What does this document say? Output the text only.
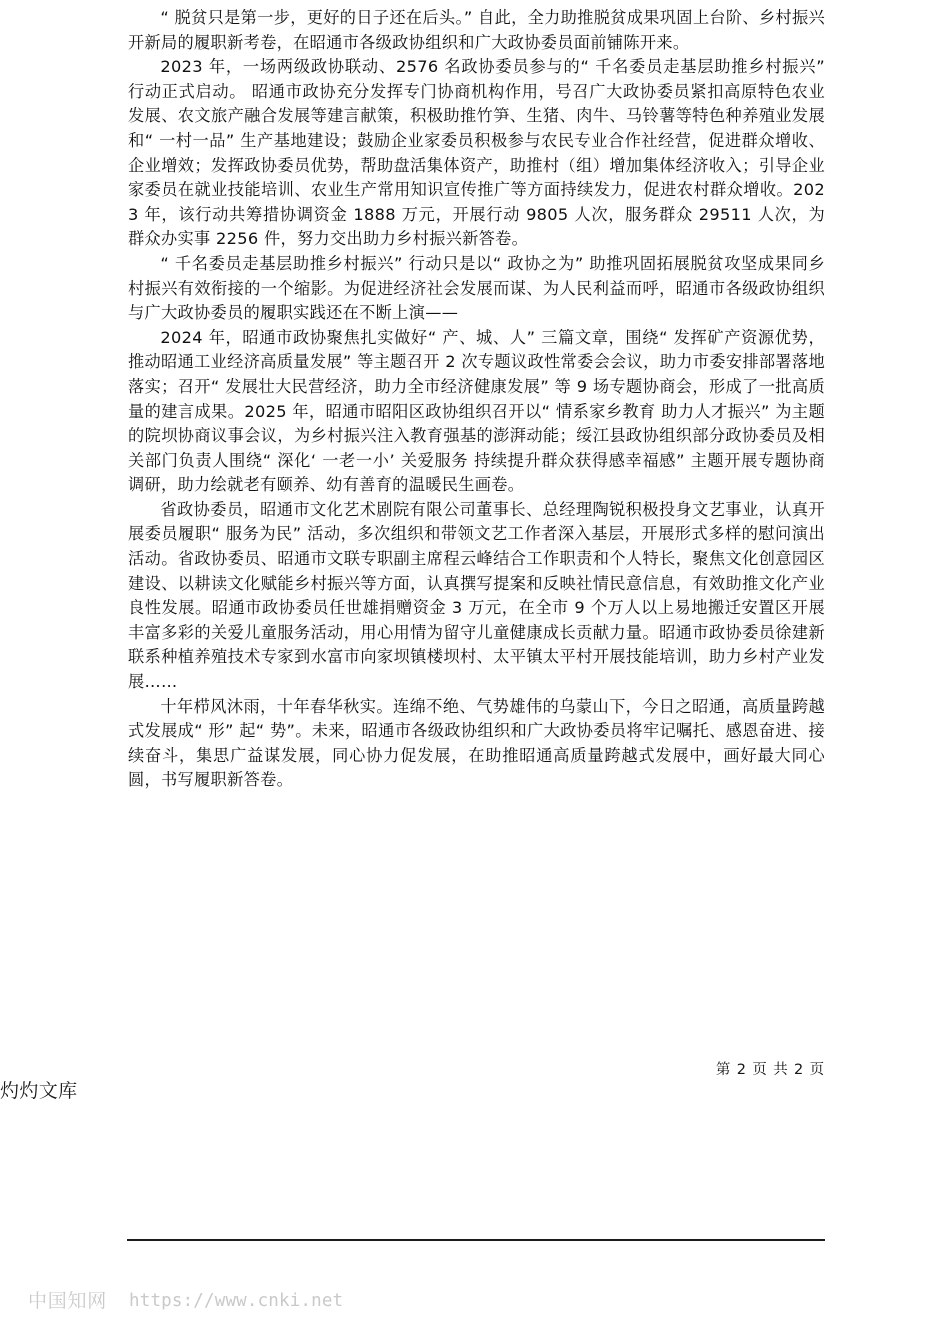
“ 脱贫只是第一步，更好的日子还在后头。” 自此，全力助推脱贫成果巩固上台阶、乡村振兴开新局的履职新考卷，在昭通市各级政协组织和广大政协委员面前铺陈开来。

2023 年，一场两级政协联动、2576 名政协委员参与的“ 千名委员走基层助推乡村振兴” 行动正式启动。 昭通市政协充分发挥专门协商机构作用，号召广大政协委员紧扣高原特色农业发展、农文旅产融合发展等建言献策，积极助推竹笋、生猪、肉牛、马铃薯等特色种养殖业发展和“ 一村一品” 生产基地建设；鼓励企业家委员积极参与农民专业合作社经营，促进群众增收、企业增效；发挥政协委员优势，帮助盘活集体资产，助推村（组）增加集体经济收入；引导企业家委员在就业技能培训、农业生产常用知识宣传推广等方面持续发力，促进农村群众增收。2023 年，该行动共筹措协调资金 1888 万元，开展行动 9805 人次，服务群众 29511 人次，为群众办实事 2256 件，努力交出助力乡村振兴新答卷。

“ 千名委员走基层助推乡村振兴” 行动只是以“ 政协之为” 助推巩固拓展脱贫攻坚成果同乡村振兴有效衔接的一个缩影。为促进经济社会发展而谋、为人民利益而呼，昭通市各级政协组织与广大政协委员的履职实践还在不断上演——

2024 年，昭通市政协聚焦扎实做好“ 产、城、人” 三篇文章，围绕“ 发挥矿产资源优势，推动昭通工业经济高质量发展” 等主题召开 2 次专题议政性常委会会议，助力市委安排部署落地落实；召开“ 发展壮大民营经济，助力全市经济健康发展” 等 9 场专题协商会，形成了一批高质量的建言成果。2025 年，昭通市昭阳区政协组织召开以“ 情系家乡教育 助力人才振兴” 为主题的院坝协商议事会议，为乡村振兴注入教育强基的澎湃动能；绥江县政协组织部分政协委员及相关部门负责人围绕“ 深化‘ 一老一小’ 关爱服务 持续提升群众获得感幸福感” 主题开展专题协商调研，助力绘就老有颐养、幼有善育的温暖民生画卷。

省政协委员，昭通市文化艺术剧院有限公司董事长、总经理陶锐积极投身文艺事业，认真开展委员履职“ 服务为民” 活动，多次组织和带领文艺工作者深入基层，开展形式多样的慰问演出活动。省政协委员、昭通市文联专职副主席程云峰结合工作职责和个人特长，聚焦文化创意园区建设、以耕读文化赋能乡村振兴等方面，认真撰写提案和反映社情民意信息，有效助推文化产业良性发展。昭通市政协委员任世雄捐赠资金 3 万元，在全市 9 个万人以上易地搬迁安置区开展丰富多彩的关爱儿童服务活动，用心用情为留守儿童健康成长贡献力量。昭通市政协委员徐建新联系种植养殖技术专家到水富市向家坝镇楼坝村、太平镇太平村开展技能培训，助力乡村产业发展……

十年栉风沐雨，十年春华秋实。连绵不绝、气势雄伟的乌蒙山下，今日之昭通，高质量跨越式发展成“ 形” 起“ 势”。未来，昭通市各级政协组织和广大政协委员将牢记嘱托、感恩奋进、接续奋斗，集思广益谋发展，同心协力促发展，在助推昭通高质量跨越式发展中，画好最大同心圆，书写履职新答卷。

第 2 页 共 2 页
灼灼文库
中国知网 https://www.cnki.net
